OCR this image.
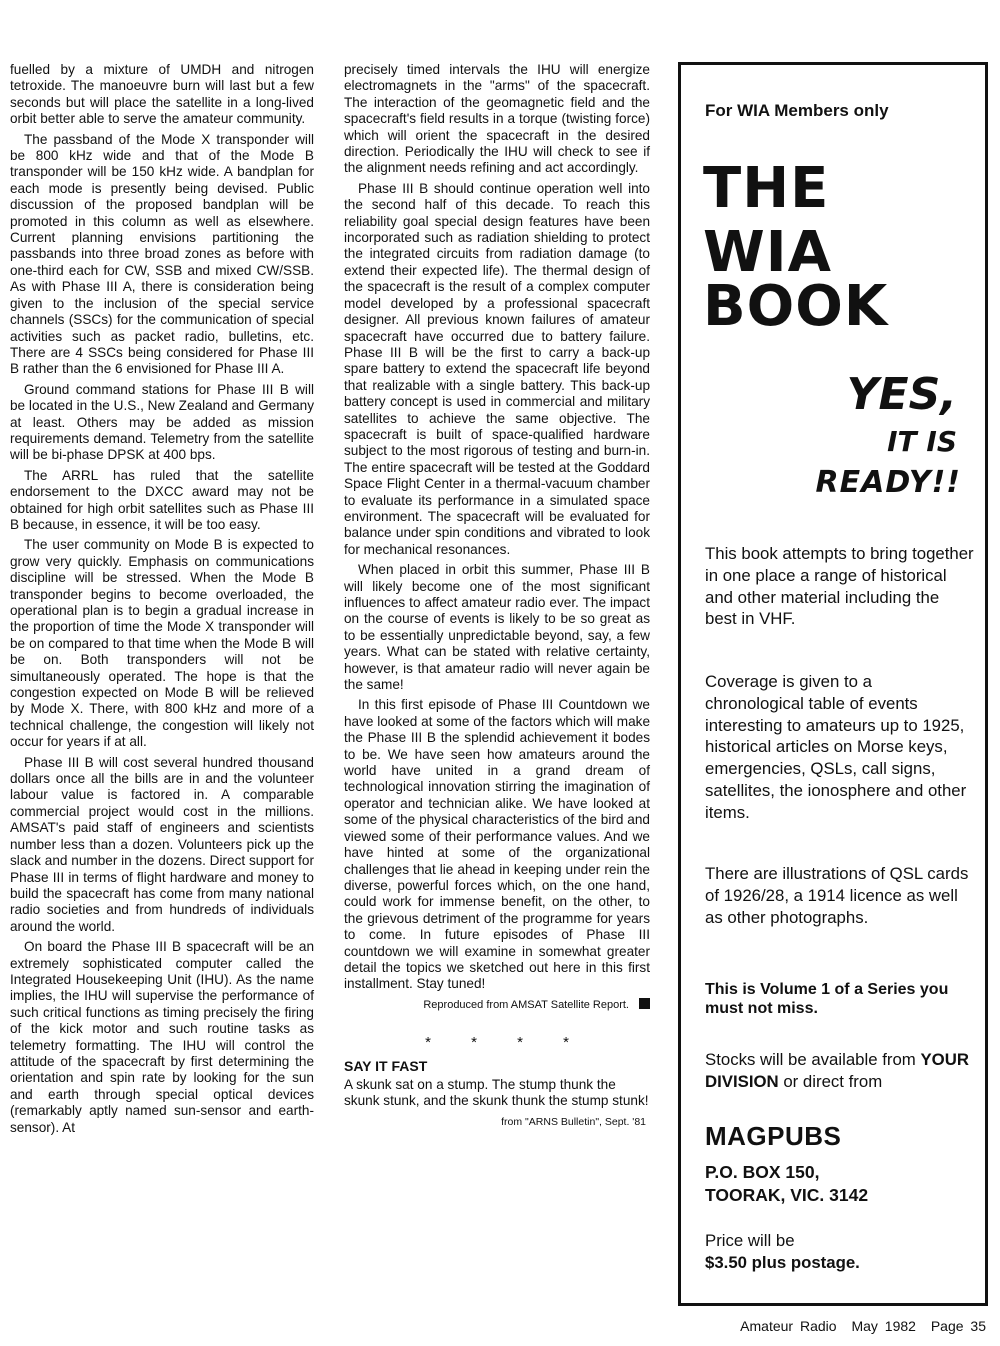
fuelled by a mixture of UMDH and nitrogen tetroxide. The manoeuvre burn will last but a few seconds but will place the satellite in a long-lived orbit better able to serve the amateur community.

The passband of the Mode X transponder will be 800 kHz wide and that of the Mode B transponder will be 150 kHz wide. A bandplan for each mode is presently being devised. Public discussion of the proposed bandplan will be promoted in this column as well as elsewhere. Current planning envisions partitioning the passbands into three broad zones as before with one-third each for CW, SSB and mixed CW/SSB. As with Phase III A, there is consideration being given to the inclusion of the special service channels (SSCs) for the communication of special activities such as packet radio, bulletins, etc. There are 4 SSCs being considered for Phase III B rather than the 6 envisioned for Phase III A.

Ground command stations for Phase III B will be located in the U.S., New Zealand and Germany at least. Others may be added as mission requirements demand. Telemetry from the satellite will be bi-phase DPSK at 400 bps.

The ARRL has ruled that the satellite endorsement to the DXCC award may not be obtained for high orbit satellites such as Phase III B because, in essence, it will be too easy.

The user community on Mode B is expected to grow very quickly. Emphasis on communications discipline will be stressed. When the Mode B transponder begins to become overloaded, the operational plan is to begin a gradual increase in the proportion of time the Mode X transponder will be on compared to that time when the Mode B will be on. Both transponders will not be simultaneously operated. The hope is that the congestion expected on Mode B will be relieved by Mode X. There, with 800 kHz and more of a technical challenge, the congestion will likely not occur for years if at all.

Phase III B will cost several hundred thousand dollars once all the bills are in and the volunteer labour value is factored in. A comparable commercial project would cost in the millions. AMSAT's paid staff of engineers and scientists number less than a dozen. Volunteers pick up the slack and number in the dozens. Direct support for Phase III in terms of flight hardware and money to build the spacecraft has come from many national radio societies and from hundreds of individuals around the world.

On board the Phase III B spacecraft will be an extremely sophisticated computer called the Integrated Housekeeping Unit (IHU). As the name implies, the IHU will supervise the performance of such critical functions as timing precisely the firing of the kick motor and such routine tasks as telemetry formatting. The IHU will control the attitude of the spacecraft by first determining the orientation and spin rate by looking for the sun and earth through special optical devices (remarkably aptly named sun-sensor and earth-sensor). At

precisely timed intervals the IHU will energize electromagnets in the "arms" of the spacecraft. The interaction of the geomagnetic field and the spacecraft's field results in a torque (twisting force) which will orient the spacecraft in the desired direction. Periodically the IHU will check to see if the alignment needs refining and act accordingly.

Phase III B should continue operation well into the second half of this decade. To reach this reliability goal special design features have been incorporated such as radiation shielding to protect the integrated circuits from radiation damage (to extend their expected life). The thermal design of the spacecraft is the result of a complex computer model developed by a professional spacecraft designer. All previous known failures of amateur spacecraft have occurred due to battery failure. Phase III B will be the first to carry a back-up spare battery to extend the spacecraft life beyond that realizable with a single battery. This back-up battery concept is used in commercial and military satellites to achieve the same objective. The spacecraft is built of space-qualified hardware subject to the most rigorous of testing and burn-in. The entire spacecraft will be tested at the Goddard Space Flight Center in a thermal-vacuum chamber to evaluate its performance in a simulated space environment. The spacecraft will be evaluated for balance under spin conditions and vibrated to look for mechanical resonances.

When placed in orbit this summer, Phase III B will likely become one of the most significant influences to affect amateur radio ever. The impact on the course of events is likely to be so great as to be essentially unpredictable beyond, say, a few years. What can be stated with relative certainty, however, is that amateur radio will never again be the same!

In this first episode of Phase III Countdown we have looked at some of the factors which will make the Phase III B the splendid achievement it bodes to be. We have seen how amateurs around the world have united in a grand dream of technological innovation stirring the imagination of operator and technician alike. We have looked at some of the physical characteristics of the bird and viewed some of their performance values. And we have hinted at some of the organizational challenges that lie ahead in keeping under rein the diverse, powerful forces which, on the one hand, could work for immense benefit, on the other, to the grievous detriment of the programme for years to come. In future episodes of Phase III countdown we will examine in somewhat greater detail the topics we sketched out here in this first installment. Stay tuned!

Reproduced from AMSAT Satellite Report.
* * * *
SAY IT FAST

A skunk sat on a stump. The stump thunk the skunk stunk, and the skunk thunk the stump stunk!

from "ARNS Bulletin", Sept. '81
For WIA Members only
THE
WIA
BOOK
YES,
IT IS
READY!!
This book attempts to bring together in one place a range of historical and other material including the best in VHF.
Coverage is given to a chronological table of events interesting to amateurs up to 1925, historical articles on Morse keys, emergencies, QSLs, call signs, satellites, the ionosphere and other items.
There are illustrations of QSL cards of 1926/28, a 1914 licence as well as other photographs.
This is Volume 1 of a Series you must not miss.
Stocks will be available from YOUR DIVISION or direct from
MAGPUBS
P.O. BOX 150,
TOORAK, VIC. 3142
Price will be
$3.50 plus postage.
Amateur Radio May 1982 Page 35
